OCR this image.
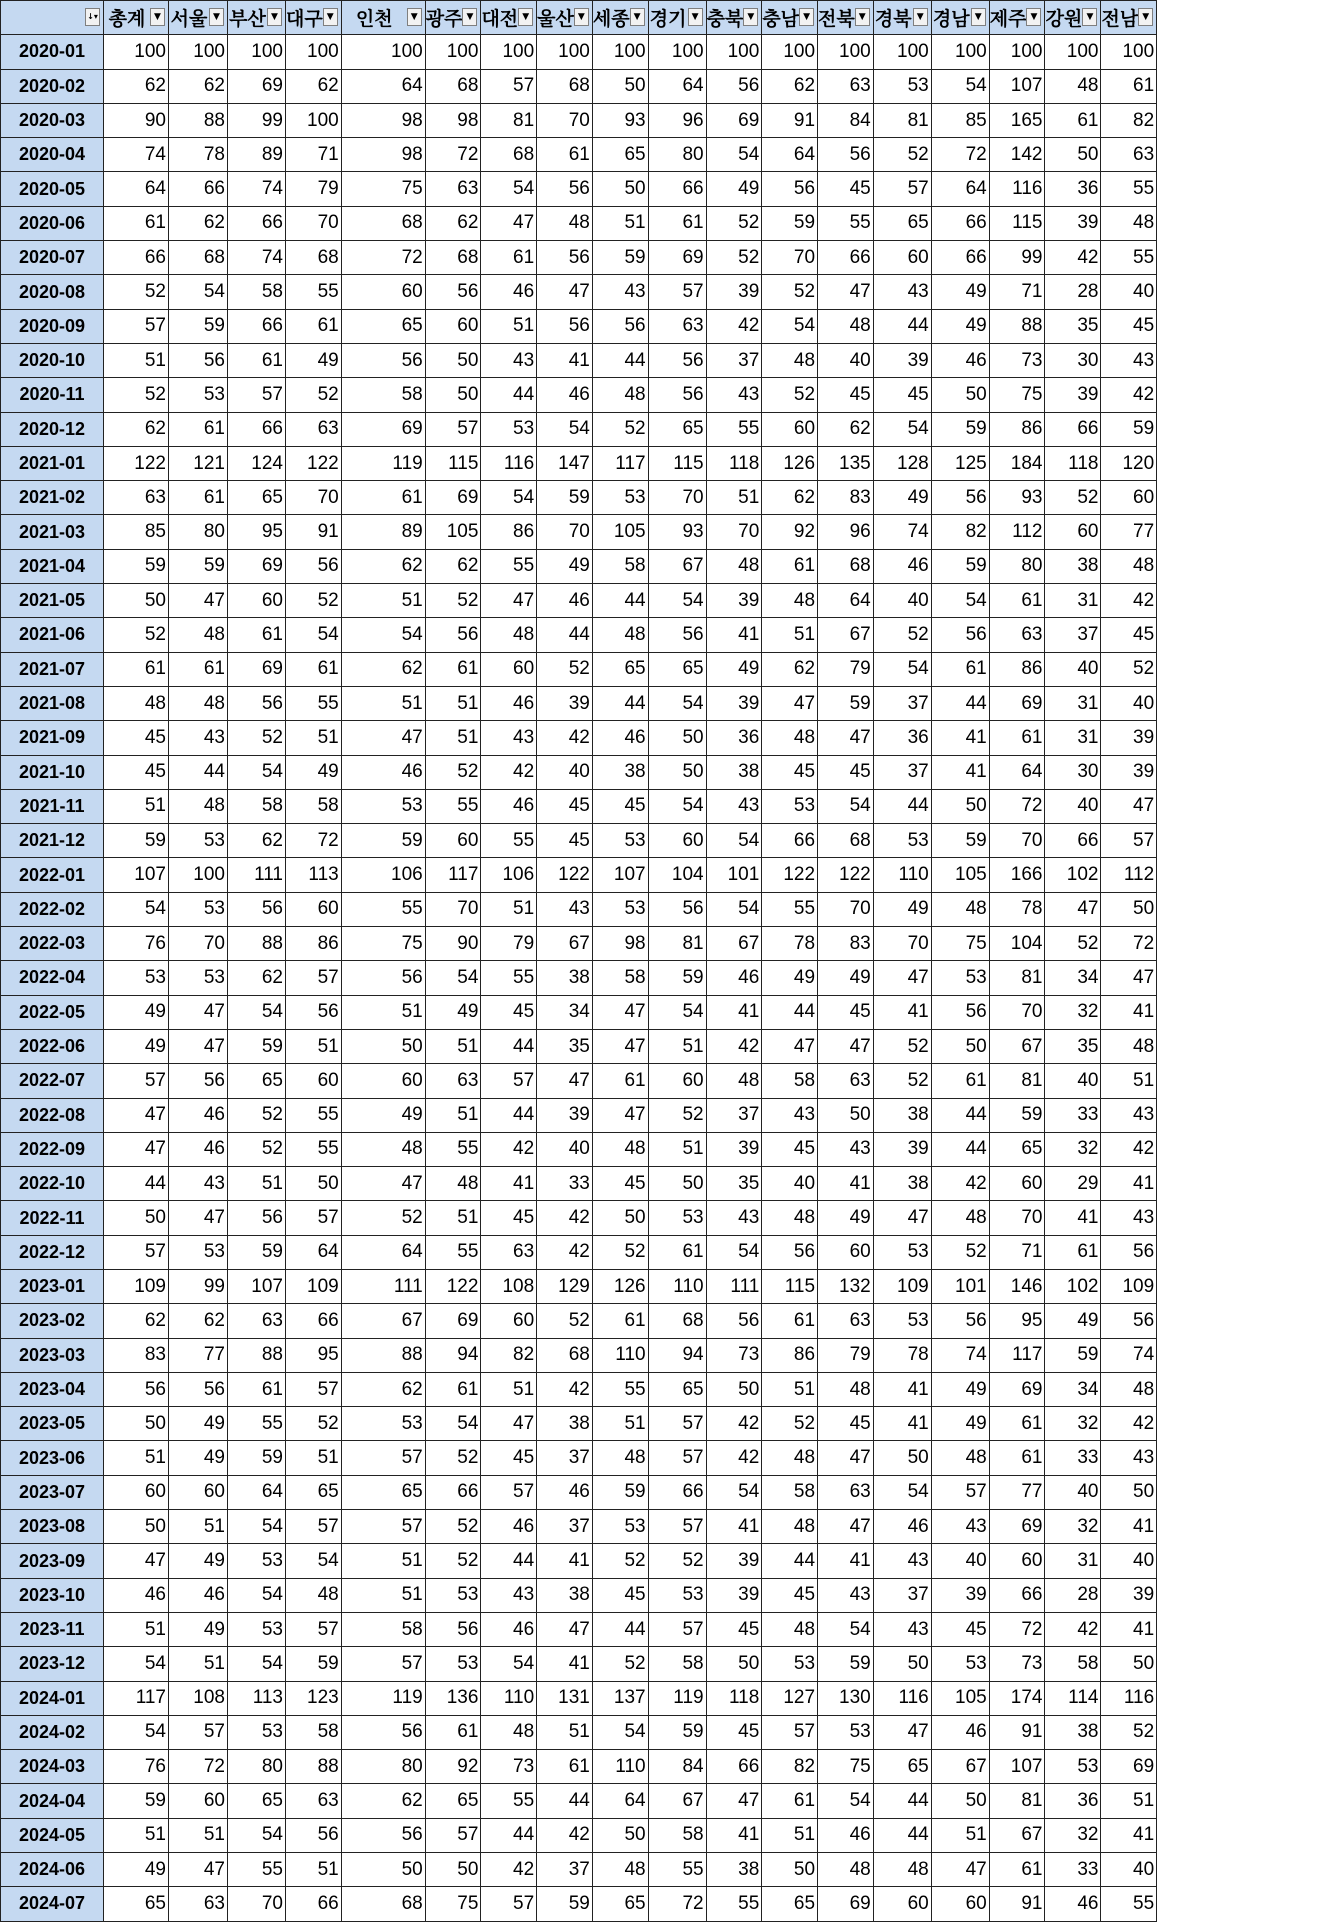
↓▾	총계 ▼	서울 ▼	부산 ▼	대구 ▼	인천 ▼	광주 ▼	대전 ▼	울산 ▼	세종 ▼	경기 ▼	충북 ▼	충남 ▼	전북 ▼	경북 ▼	경남 ▼	제주 ▼	강원 ▼	전남 ▼

2020-01	100	100	100	100	100	100	100	100	100	100	100	100	100	100	100	100	100	100
2020-02	62	62	69	62	64	68	57	68	50	64	56	62	63	53	54	107	48	61
2020-03	90	88	99	100	98	98	81	70	93	96	69	91	84	81	85	165	61	82
2020-04	74	78	89	71	98	72	68	61	65	80	54	64	56	52	72	142	50	63
2020-05	64	66	74	79	75	63	54	56	50	66	49	56	45	57	64	116	36	55
2020-06	61	62	66	70	68	62	47	48	51	61	52	59	55	65	66	115	39	48
2020-07	66	68	74	68	72	68	61	56	59	69	52	70	66	60	66	99	42	55
2020-08	52	54	58	55	60	56	46	47	43	57	39	52	47	43	49	71	28	40
2020-09	57	59	66	61	65	60	51	56	56	63	42	54	48	44	49	88	35	45
2020-10	51	56	61	49	56	50	43	41	44	56	37	48	40	39	46	73	30	43
2020-11	52	53	57	52	58	50	44	46	48	56	43	52	45	45	50	75	39	42
2020-12	62	61	66	63	69	57	53	54	52	65	55	60	62	54	59	86	66	59
2021-01	122	121	124	122	119	115	116	147	117	115	118	126	135	128	125	184	118	120
2021-02	63	61	65	70	61	69	54	59	53	70	51	62	83	49	56	93	52	60
2021-03	85	80	95	91	89	105	86	70	105	93	70	92	96	74	82	112	60	77
2021-04	59	59	69	56	62	62	55	49	58	67	48	61	68	46	59	80	38	48
2021-05	50	47	60	52	51	52	47	46	44	54	39	48	64	40	54	61	31	42
2021-06	52	48	61	54	54	56	48	44	48	56	41	51	67	52	56	63	37	45
2021-07	61	61	69	61	62	61	60	52	65	65	49	62	79	54	61	86	40	52
2021-08	48	48	56	55	51	51	46	39	44	54	39	47	59	37	44	69	31	40
2021-09	45	43	52	51	47	51	43	42	46	50	36	48	47	36	41	61	31	39
2021-10	45	44	54	49	46	52	42	40	38	50	38	45	45	37	41	64	30	39
2021-11	51	48	58	58	53	55	46	45	45	54	43	53	54	44	50	72	40	47
2021-12	59	53	62	72	59	60	55	45	53	60	54	66	68	53	59	70	66	57
2022-01	107	100	111	113	106	117	106	122	107	104	101	122	122	110	105	166	102	112
2022-02	54	53	56	60	55	70	51	43	53	56	54	55	70	49	48	78	47	50
2022-03	76	70	88	86	75	90	79	67	98	81	67	78	83	70	75	104	52	72
2022-04	53	53	62	57	56	54	55	38	58	59	46	49	49	47	53	81	34	47
2022-05	49	47	54	56	51	49	45	34	47	54	41	44	45	41	56	70	32	41
2022-06	49	47	59	51	50	51	44	35	47	51	42	47	47	52	50	67	35	48
2022-07	57	56	65	60	60	63	57	47	61	60	48	58	63	52	61	81	40	51
2022-08	47	46	52	55	49	51	44	39	47	52	37	43	50	38	44	59	33	43
2022-09	47	46	52	55	48	55	42	40	48	51	39	45	43	39	44	65	32	42
2022-10	44	43	51	50	47	48	41	33	45	50	35	40	41	38	42	60	29	41
2022-11	50	47	56	57	52	51	45	42	50	53	43	48	49	47	48	70	41	43
2022-12	57	53	59	64	64	55	63	42	52	61	54	56	60	53	52	71	61	56
2023-01	109	99	107	109	111	122	108	129	126	110	111	115	132	109	101	146	102	109
2023-02	62	62	63	66	67	69	60	52	61	68	56	61	63	53	56	95	49	56
2023-03	83	77	88	95	88	94	82	68	110	94	73	86	79	78	74	117	59	74
2023-04	56	56	61	57	62	61	51	42	55	65	50	51	48	41	49	69	34	48
2023-05	50	49	55	52	53	54	47	38	51	57	42	52	45	41	49	61	32	42
2023-06	51	49	59	51	57	52	45	37	48	57	42	48	47	50	48	61	33	43
2023-07	60	60	64	65	65	66	57	46	59	66	54	58	63	54	57	77	40	50
2023-08	50	51	54	57	57	52	46	37	53	57	41	48	47	46	43	69	32	41
2023-09	47	49	53	54	51	52	44	41	52	52	39	44	41	43	40	60	31	40
2023-10	46	46	54	48	51	53	43	38	45	53	39	45	43	37	39	66	28	39
2023-11	51	49	53	57	58	56	46	47	44	57	45	48	54	43	45	72	42	41
2023-12	54	51	54	59	57	53	54	41	52	58	50	53	59	50	53	73	58	50
2024-01	117	108	113	123	119	136	110	131	137	119	118	127	130	116	105	174	114	116
2024-02	54	57	53	58	56	61	48	51	54	59	45	57	53	47	46	91	38	52
2024-03	76	72	80	88	80	92	73	61	110	84	66	82	75	65	67	107	53	69
2024-04	59	60	65	63	62	65	55	44	64	67	47	61	54	44	50	81	36	51
2024-05	51	51	54	56	56	57	44	42	50	58	41	51	46	44	51	67	32	41
2024-06	49	47	55	51	50	50	42	37	48	55	38	50	48	48	47	61	33	40
2024-07	65	63	70	66	68	75	57	59	65	72	55	65	69	60	60	91	46	55
